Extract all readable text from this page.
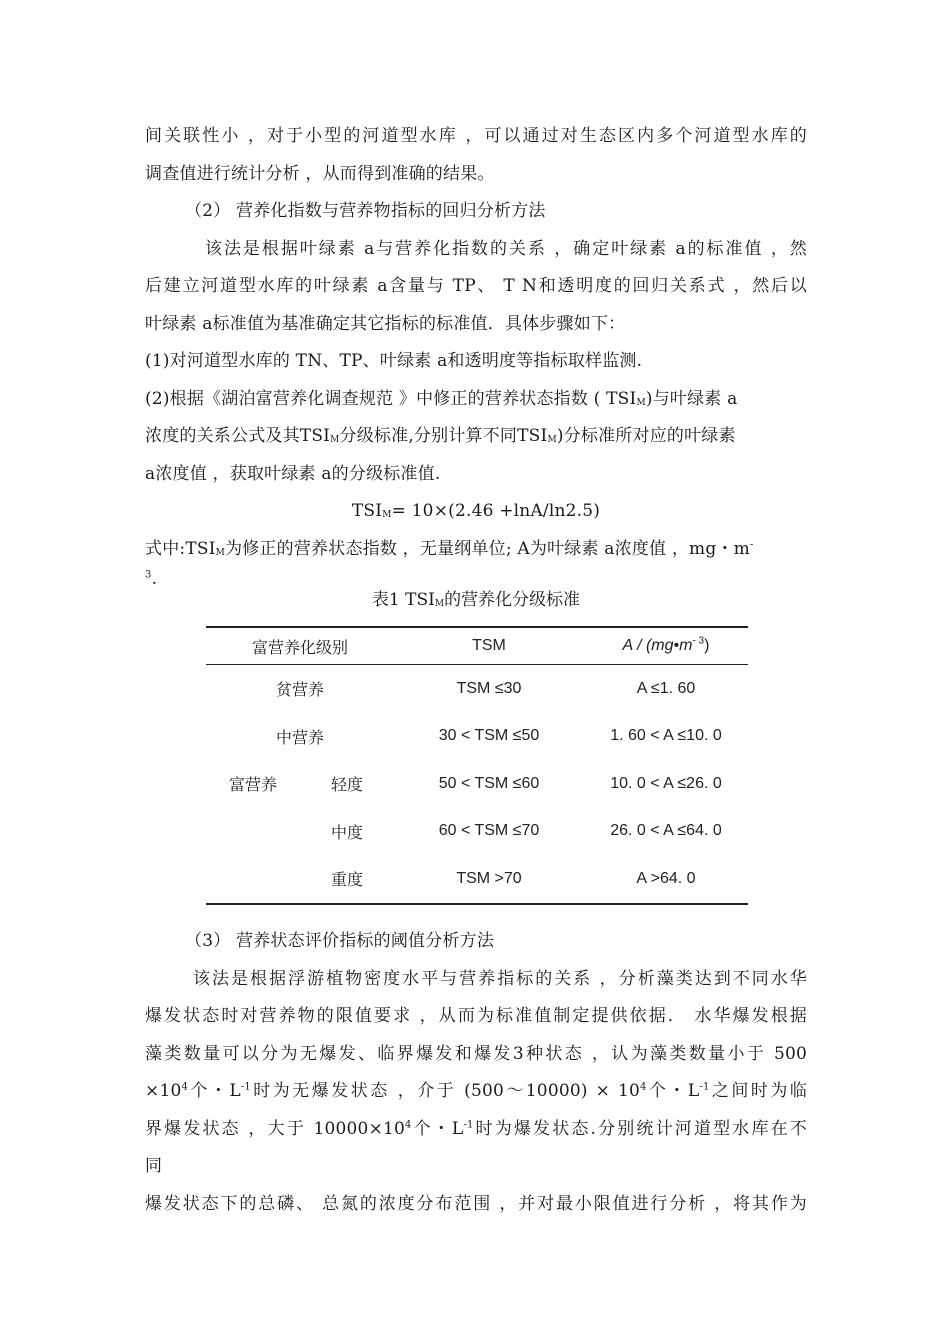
间关联性小 ，对于小型的河道型水库 ，可以通过对生态区内多个河道型水库的
调查值进行统计分析 ，从而得到准确的结果。
（2） 营养化指数与营养物指标的回归分析方法
该法是根据叶绿素 a与营养化指数的关系 ，确定叶绿素 a的标准值 ，然
后建立河道型水库的叶绿素 a含量与 TP、 T N和透明度的回归关系式 ，然后以
叶绿素 a标准值为基准确定其它指标的标准值．具体步骤如下：
(1)对河道型水库的 TN、TP、叶绿素 a和透明度等指标取样监测.
(2)根据《湖泊富营养化调查规范 》中修正的营养状态指数 ( TSIM)与叶绿素 a
浓度的关系公式及其TSIM分级标准,分别计算不同TSIM)分标准所对应的叶绿素
a浓度值 ，获取叶绿素 a的分级标准值.
TSIM= 10×(2.46 +lnA/ln2.5)
式中:TSIM为修正的营养状态指数 ，无量纲单位; A为叶绿素 a浓度值 ，mg・m-
$^3$.
表1 TSIM的营养化分级标准
富营养化级别		TSM	A / $(mg•m^{- 3})$
贫营养		TSM ≤30	A ≤1. 60
中营养		30 < TSM ≤50	1. 60 < A ≤10. 0
富营养	轻度	50 < TSM ≤60	10. 0 < A ≤26. 0
	中度	60 < TSM ≤70	26. 0 < A ≤64. 0
	重度	TSM >70	A >64. 0
（3） 营养状态评价指标的阈值分析方法
该法是根据浮游植物密度水平与营养指标的关系 ，分析藻类达到不同水华
爆发状态时对营养物的限值要求 ，从而为标准值制定提供依据． 水华爆发根据
藻类数量可以分为无爆发、临界爆发和爆发3种状态 ，认为藻类数量小于 500
$\times 10^4$个・$L^{-1}$时为无爆发状态 ，介于 (500～10000) × $10^4$个・$L^{-1}$之间时为临
界爆发状态 ，大于 $10000\times 10^4$个・$L^{-1}$时为爆发状态.分别统计河道型水库在不
同
爆发状态下的总磷、 总氮的浓度分布范围 ，并对最小限值进行分析 ，将其作为
